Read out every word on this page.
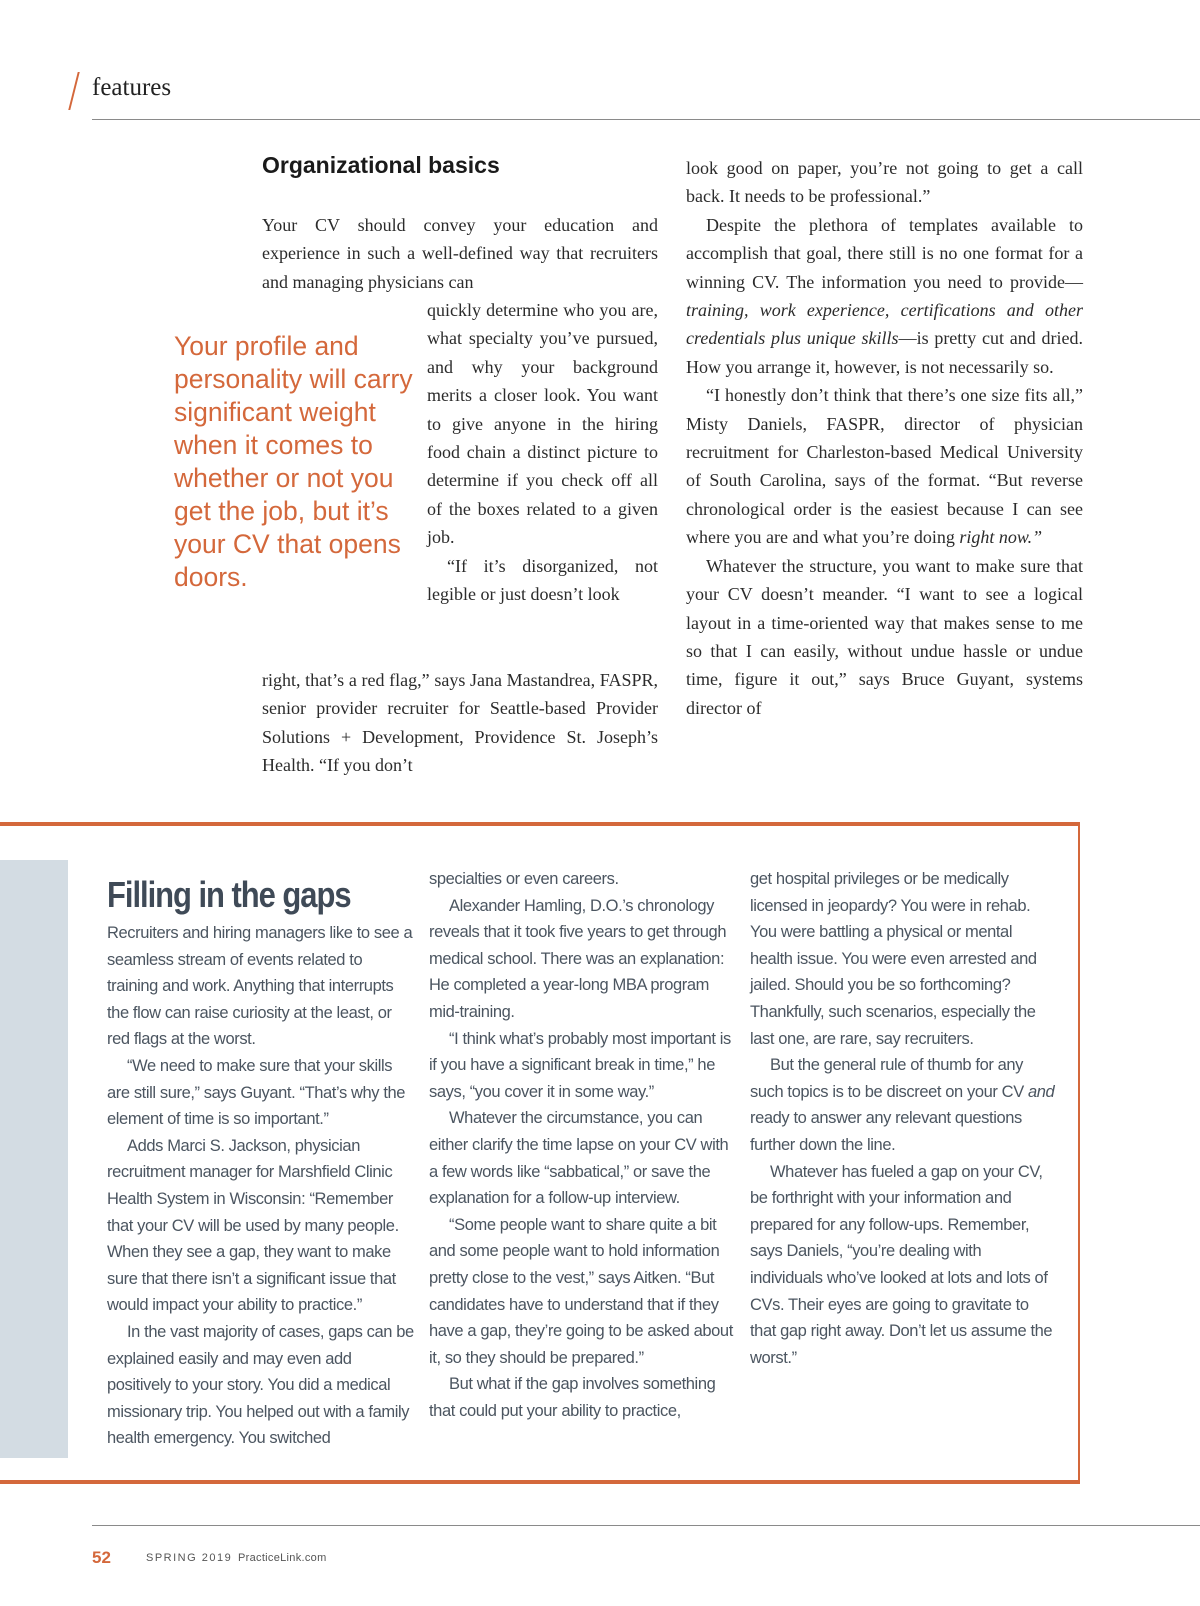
features
Organizational basics

Your CV should convey your education and experience in such a well-defined way that recruiters and managing physicians can

quickly determine who you are, what specialty you’ve pursued, and why your background merits a closer look. You want to give anyone in the hiring food chain a distinct picture to determine if you check off all of the boxes related to a given job.

“If it’s disorganized, not legible or just doesn’t look

right, that’s a red flag,” says Jana Mastandrea, FASPR, senior provider recruiter for Seattle-based Provider Solutions + Development, Providence St. Joseph’s Health. “If you don’t

Your profile and personality will carry significant weight when it comes to whether or not you get the job, but it’s your CV that opens doors.

look good on paper, you’re not going to get a call back. It needs to be professional.”

Despite the plethora of templates available to accomplish that goal, there still is no one format for a winning CV. The information you need to provide—training, work experience, certifications and other credentials plus unique skills—is pretty cut and dried. How you arrange it, however, is not necessarily so.

“I honestly don’t think that there’s one size fits all,” Misty Daniels, FASPR, director of physician recruitment for Charleston-based Medical University of South Carolina, says of the format. “But reverse chronological order is the easiest because I can see where you are and what you’re doing right now.”

Whatever the structure, you want to make sure that your CV doesn’t meander. “I want to see a logical layout in a time-oriented way that makes sense to me so that I can easily, without undue hassle or undue time, figure it out,” says Bruce Guyant, systems director of

Filling in the gaps

Recruiters and hiring managers like to see a seamless stream of events related to training and work. Anything that interrupts the flow can raise curiosity at the least, or red flags at the worst.

“We need to make sure that your skills are still sure,” says Guyant. “That’s why the element of time is so important.”

Adds Marci S. Jackson, physician recruitment manager for Marshfield Clinic Health System in Wisconsin: “Remember that your CV will be used by many people. When they see a gap, they want to make sure that there isn’t a significant issue that would impact your ability to practice.”

In the vast majority of cases, gaps can be explained easily and may even add positively to your story. You did a medical missionary trip. You helped out with a family health emergency. You switched

specialties or even careers.

Alexander Hamling, D.O.’s chronology reveals that it took five years to get through medical school. There was an explanation: He completed a year-long MBA program mid-training.

“I think what’s probably most important is if you have a significant break in time,” he says, “you cover it in some way.”

Whatever the circumstance, you can either clarify the time lapse on your CV with a few words like “sabbatical,” or save the explanation for a follow-up interview.

“Some people want to share quite a bit and some people want to hold information pretty close to the vest,” says Aitken. “But candidates have to understand that if they have a gap, they’re going to be asked about it, so they should be prepared.”

But what if the gap involves something that could put your ability to practice,

get hospital privileges or be medically licensed in jeopardy? You were in rehab. You were battling a physical or mental health issue. You were even arrested and jailed. Should you be so forthcoming? Thankfully, such scenarios, especially the last one, are rare, say recruiters.

But the general rule of thumb for any such topics is to be discreet on your CV and ready to answer any relevant questions further down the line.

Whatever has fueled a gap on your CV, be forthright with your information and prepared for any follow-ups. Remember, says Daniels, “you’re dealing with individuals who’ve looked at lots and lots of CVs. Their eyes are going to gravitate to that gap right away. Don’t let us assume the worst.”

52	SPRING 2019 PracticeLink.com
